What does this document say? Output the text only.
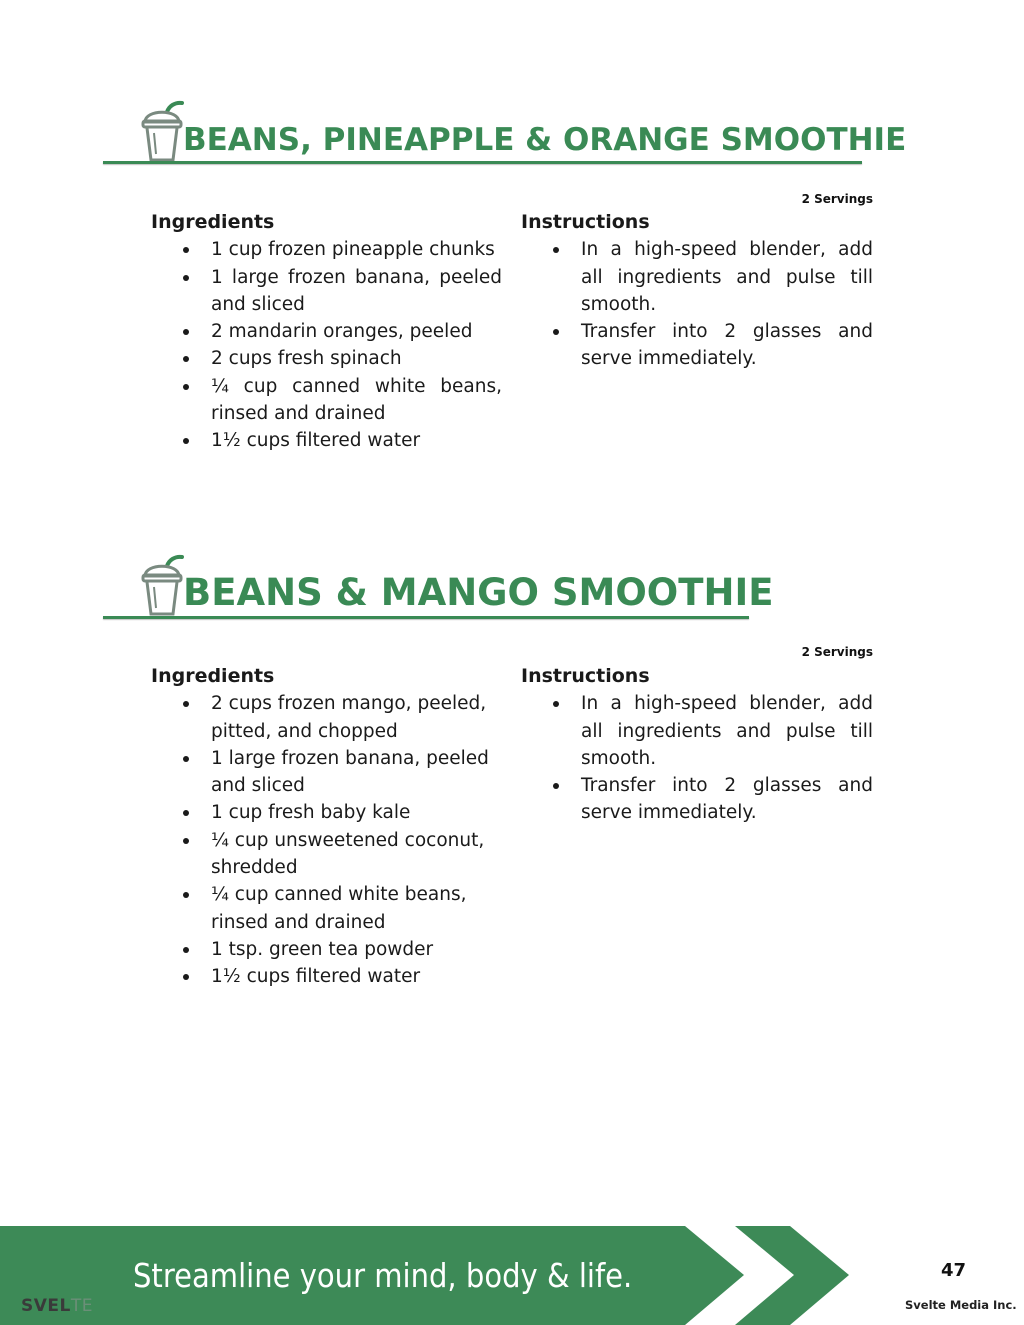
BEANS, PINEAPPLE & ORANGE SMOOTHIE
2 Servings
Ingredients
1 cup frozen pineapple chunks
1 large frozen banana, peeled and sliced
2 mandarin oranges, peeled
2 cups fresh spinach
¼ cup canned white beans, rinsed and drained
1½ cups filtered water
Instructions
In a high-speed blender, add all ingredients and pulse till smooth.
Transfer into 2 glasses and serve immediately.
BEANS & MANGO SMOOTHIE
2 Servings
Ingredients
2 cups frozen mango, peeled, pitted, and chopped
1 large frozen banana, peeled and sliced
1 cup fresh baby kale
¼ cup unsweetened coconut, shredded
¼ cup canned white beans, rinsed and drained
1 tsp. green tea powder
1½ cups filtered water
Instructions
In a high-speed blender, add all ingredients and pulse till smooth.
Transfer into 2 glasses and serve immediately.
Streamline your mind, body & life.	47
Svelte Media Inc.
SVELTE
